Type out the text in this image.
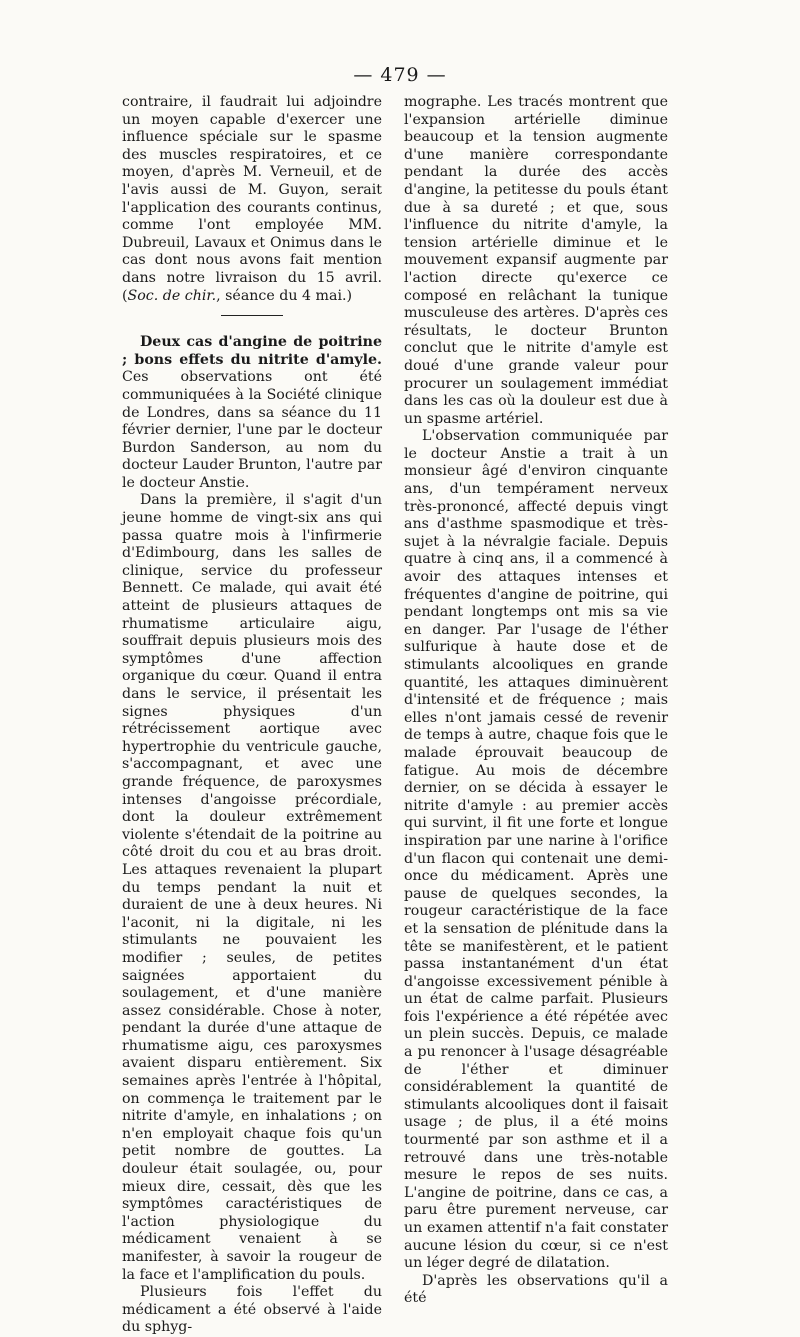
— 479 —

contraire, il faudrait lui adjoindre un moyen capable d'exercer une influence spéciale sur le spasme des muscles respiratoires, et ce moyen, d'après M. Verneuil, et de l'avis aussi de M. Guyon, serait l'application des courants continus, comme l'ont employée MM. Dubreuil, Lavaux et Onimus dans le cas dont nous avons fait mention dans notre livraison du 15 avril. (Soc. de chir., séance du 4 mai.)

Deux cas d'angine de poitrine ; bons effets du nitrite d'amyle. Ces observations ont été communiquées à la Société clinique de Londres, dans sa séance du 11 février dernier, l'une par le docteur Burdon Sanderson, au nom du docteur Lauder Brunton, l'autre par le docteur Anstie.

Dans la première, il s'agit d'un jeune homme de vingt-six ans qui passa quatre mois à l'infirmerie d'Edimbourg, dans les salles de clinique, service du professeur Bennett. Ce malade, qui avait été atteint de plusieurs attaques de rhumatisme articulaire aigu, souffrait depuis plusieurs mois des symptômes d'une affection organique du cœur. Quand il entra dans le service, il présentait les signes physiques d'un rétrécissement aortique avec hypertrophie du ventricule gauche, s'accompagnant, et avec une grande fréquence, de paroxysmes intenses d'angoisse précordiale, dont la douleur extrêmement violente s'étendait de la poitrine au côté droit du cou et au bras droit. Les attaques revenaient la plupart du temps pendant la nuit et duraient de une à deux heures. Ni l'aconit, ni la digitale, ni les stimulants ne pouvaient les modifier ; seules, de petites saignées apportaient du soulagement, et d'une manière assez considérable. Chose à noter, pendant la durée d'une attaque de rhumatisme aigu, ces paroxysmes avaient disparu entièrement. Six semaines après l'entrée à l'hôpital, on commença le traitement par le nitrite d'amyle, en inhalations ; on n'en employait chaque fois qu'un petit nombre de gouttes. La douleur était soulagée, ou, pour mieux dire, cessait, dès que les symptômes caractéristiques de l'action physiologique du médicament venaient à se manifester, à savoir la rougeur de la face et l'amplification du pouls.

Plusieurs fois l'effet du médicament a été observé à l'aide du sphyg-

mographe. Les tracés montrent que l'expansion artérielle diminue beaucoup et la tension augmente d'une manière correspondante pendant la durée des accès d'angine, la petitesse du pouls étant due à sa dureté ; et que, sous l'influence du nitrite d'amyle, la tension artérielle diminue et le mouvement expansif augmente par l'action directe qu'exerce ce composé en relâchant la tunique musculeuse des artères. D'après ces résultats, le docteur Brunton conclut que le nitrite d'amyle est doué d'une grande valeur pour procurer un soulagement immédiat dans les cas où la douleur est due à un spasme artériel.

L'observation communiquée par le docteur Anstie a trait à un monsieur âgé d'environ cinquante ans, d'un tempérament nerveux très-prononcé, affecté depuis vingt ans d'asthme spasmodique et très-sujet à la névralgie faciale. Depuis quatre à cinq ans, il a commencé à avoir des attaques intenses et fréquentes d'angine de poitrine, qui pendant longtemps ont mis sa vie en danger. Par l'usage de l'éther sulfurique à haute dose et de stimulants alcooliques en grande quantité, les attaques diminuèrent d'intensité et de fréquence ; mais elles n'ont jamais cessé de revenir de temps à autre, chaque fois que le malade éprouvait beaucoup de fatigue. Au mois de décembre dernier, on se décida à essayer le nitrite d'amyle : au premier accès qui survint, il fit une forte et longue inspiration par une narine à l'orifice d'un flacon qui contenait une demi-once du médicament. Après une pause de quelques secondes, la rougeur caractéristique de la face et la sensation de plénitude dans la tête se manifestèrent, et le patient passa instantanément d'un état d'angoisse excessivement pénible à un état de calme parfait. Plusieurs fois l'expérience a été répétée avec un plein succès. Depuis, ce malade a pu renoncer à l'usage désagréable de l'éther et diminuer considérablement la quantité de stimulants alcooliques dont il faisait usage ; de plus, il a été moins tourmenté par son asthme et il a retrouvé dans une très-notable mesure le repos de ses nuits. L'angine de poitrine, dans ce cas, a paru être purement nerveuse, car un examen attentif n'a fait constater aucune lésion du cœur, si ce n'est un léger degré de dilatation.

D'après les observations qu'il a été
